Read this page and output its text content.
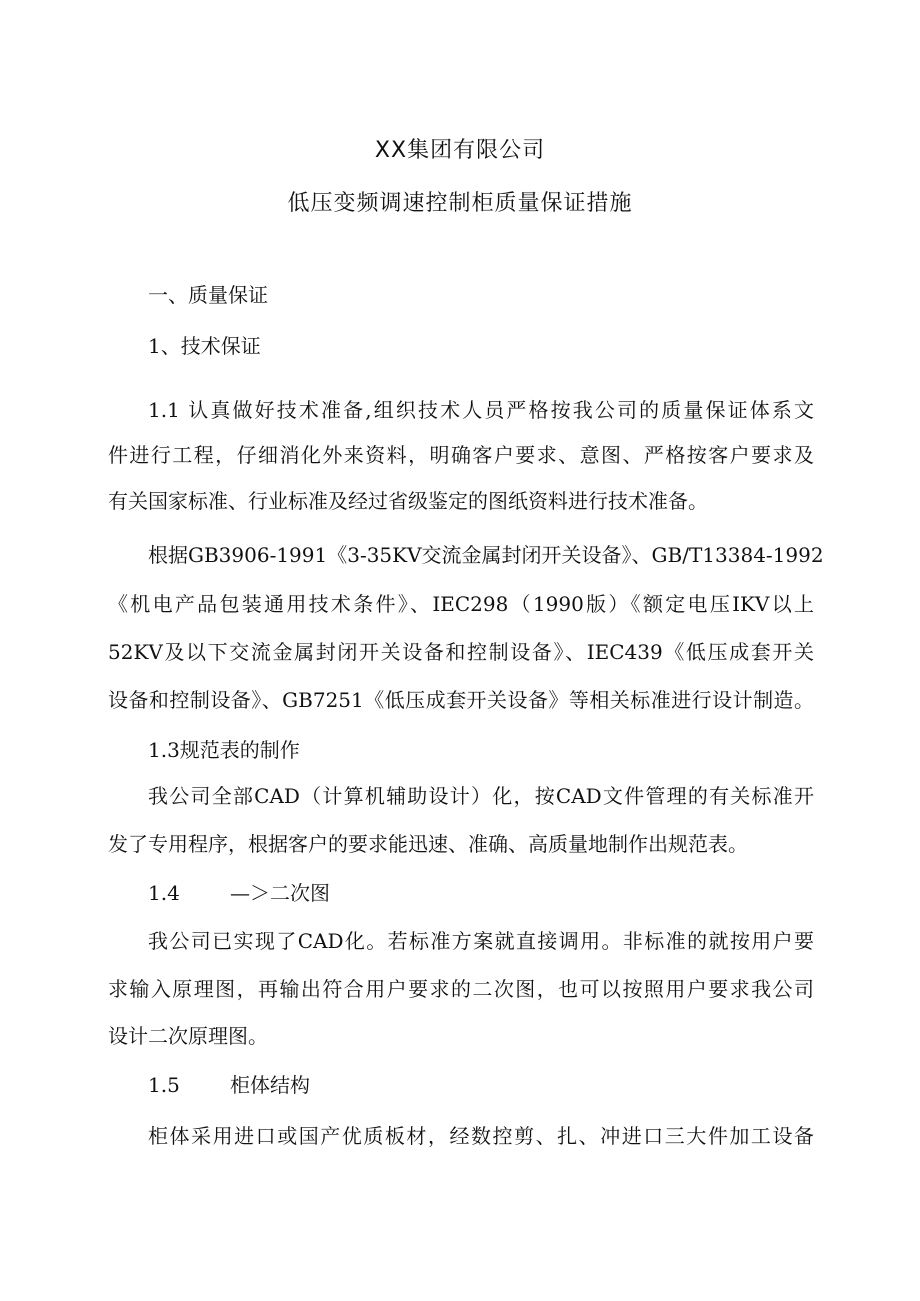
XX集团有限公司
低压变频调速控制柜质量保证措施
一、质量保证
1、技术保证
1.1 认真做好技术准备,组织技术人员严格按我公司的质量保证体系文
件进行工程，仔细消化外来资料，明确客户要求、意图、严格按客户要求及
有关国家标准、行业标准及经过省级鉴定的图纸资料进行技术准备。
根据GB3906-1991《3-35KV交流金属封闭开关设备》、GB/T13384-1992
《机电产品包装通用技术条件》、IEC298（1990版）《额定电压IKV以上
52KV及以下交流金属封闭开关设备和控制设备》、IEC439《低压成套开关
设备和控制设备》、GB7251《低压成套开关设备》等相关标准进行设计制造。
1.3规范表的制作
我公司全部CAD（计算机辅助设计）化，按CAD文件管理的有关标准开
发了专用程序，根据客户的要求能迅速、准确、高质量地制作出规范表。
1.4	—＞二次图
我公司已实现了CAD化。若标准方案就直接调用。非标准的就按用户要
求输入原理图，再输出符合用户要求的二次图，也可以按照用户要求我公司
设计二次原理图。
1.5	柜体结构
柜体采用进口或国产优质板材，经数控剪、扎、冲进口三大件加工设备
